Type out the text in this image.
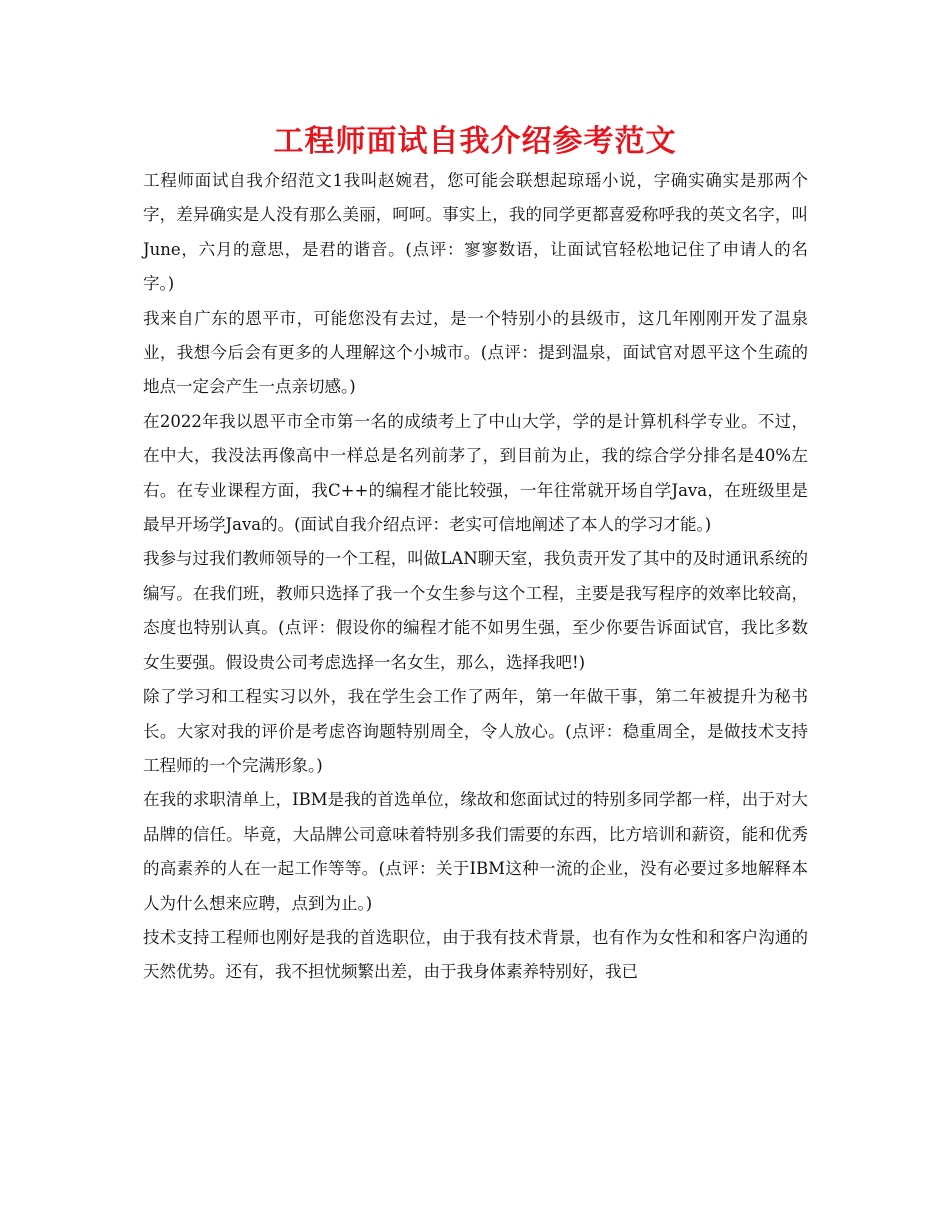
工程师面试自我介绍参考范文

工程师面试自我介绍范文1我叫赵婉君，您可能会联想起琼瑶小说，字确实确实是那两个字，差异确实是人没有那么美丽，呵呵。事实上，我的同学更都喜爱称呼我的英文名字，叫June，六月的意思，是君的谐音。(点评：寥寥数语，让面试官轻松地记住了申请人的名字。)

我来自广东的恩平市，可能您没有去过，是一个特别小的县级市，这几年刚刚开发了温泉业，我想今后会有更多的人理解这个小城市。(点评：提到温泉，面试官对恩平这个生疏的地点一定会产生一点亲切感。)

在2022年我以恩平市全市第一名的成绩考上了中山大学，学的是计算机科学专业。不过，在中大，我没法再像高中一样总是名列前茅了，到目前为止，我的综合学分排名是40%左右。在专业课程方面，我C++的编程才能比较强，一年往常就开场自学Java，在班级里是最早开场学Java的。(面试自我介绍点评：老实可信地阐述了本人的学习才能。)

我参与过我们教师领导的一个工程，叫做LAN聊天室，我负责开发了其中的及时通讯系统的编写。在我们班，教师只选择了我一个女生参与这个工程，主要是我写程序的效率比较高，态度也特别认真。(点评：假设你的编程才能不如男生强，至少你要告诉面试官，我比多数女生要强。假设贵公司考虑选择一名女生，那么，选择我吧!)

除了学习和工程实习以外，我在学生会工作了两年，第一年做干事，第二年被提升为秘书长。大家对我的评价是考虑咨询题特别周全，令人放心。(点评：稳重周全，是做技术支持工程师的一个完满形象。)

在我的求职清单上，IBM是我的首选单位，缘故和您面试过的特别多同学都一样，出于对大品牌的信任。毕竟，大品牌公司意味着特别多我们需要的东西，比方培训和薪资，能和优秀的高素养的人在一起工作等等。(点评：关于IBM这种一流的企业，没有必要过多地解释本人为什么想来应聘，点到为止。)

技术支持工程师也刚好是我的首选职位，由于我有技术背景，也有作为女性和和客户沟通的天然优势。还有，我不担忧频繁出差，由于我身体素养特别好，我已
